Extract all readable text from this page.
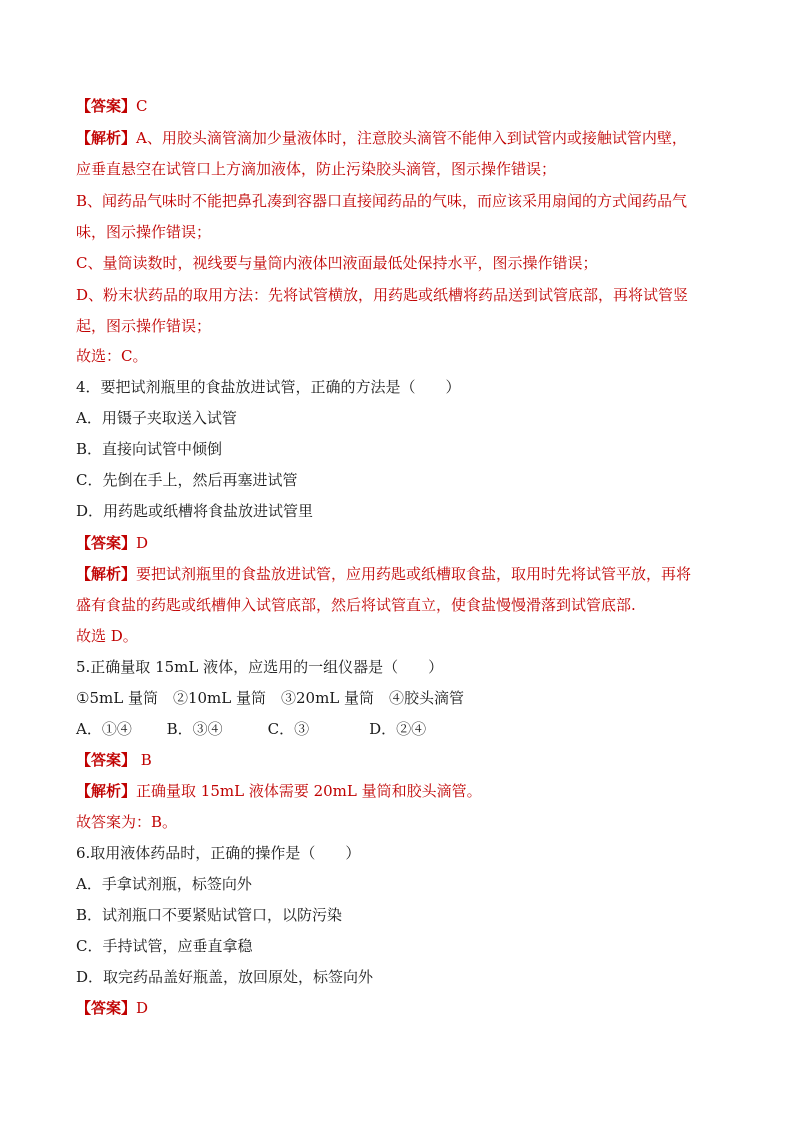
【答案】C
【解析】A、用胶头滴管滴加少量液体时，注意胶头滴管不能伸入到试管内或接触试管内壁，
应垂直悬空在试管口上方滴加液体，防止污染胶头滴管，图示操作错误；
B、闻药品气味时不能把鼻孔凑到容器口直接闻药品的气味，而应该采用扇闻的方式闻药品气
味，图示操作错误；
C、量筒读数时，视线要与量筒内液体凹液面最低处保持水平，图示操作错误；
D、粉末状药品的取用方法：先将试管横放，用药匙或纸槽将药品送到试管底部，再将试管竖
起，图示操作错误；
故选：C。
4．要把试剂瓶里的食盐放进试管，正确的方法是（　　）
A．用镊子夹取送入试管
B．直接向试管中倾倒
C．先倒在手上，然后再塞进试管
D．用药匙或纸槽将食盐放进试管里
【答案】D
【解析】要把试剂瓶里的食盐放进试管，应用药匙或纸槽取食盐，取用时先将试管平放，再将
盛有食盐的药匙或纸槽伸入试管底部，然后将试管直立，使食盐慢慢滑落到试管底部.
故选 D。
5.正确量取 15mL 液体，应选用的一组仪器是（　　）
①5mL 量筒　②10mL 量筒　③20mL 量筒　④胶头滴管
A．①④　　 B．③④　　　C．③　　　　D．②④
【答案】 B
【解析】正确量取 15mL 液体需要 20mL 量筒和胶头滴管。
故答案为：B。
6.取用液体药品时，正确的操作是（　　）
A．手拿试剂瓶，标签向外
B．试剂瓶口不要紧贴试管口，以防污染
C．手持试管，应垂直拿稳
D．取完药品盖好瓶盖，放回原处，标签向外
【答案】D
